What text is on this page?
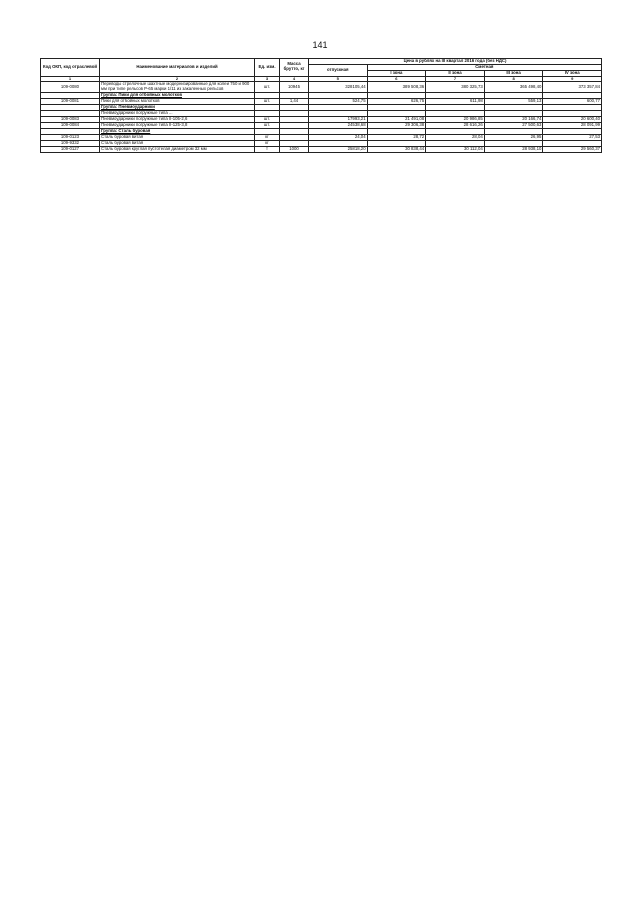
141
Код ОКП, код отраслевой	Наименование материалов и изделий	Ед. изм.	Масса брутто, кг	Цена в рублях на III квартал 2016 года (без НДС)				
				отпускная	Сметная			
					I зона	II зона	III зона	IV зона
1	2	3	4	5	6	7	8	9
109-0080	Переводы стрелочные шахтные модернизированные для колеи 750 и 900 мм при типе рельсов Р-65 марки 1/11 из закаленных рельсов	шт.	10945	328105,44	389 508,36	380 325,73	365 498,40	373 357,84
	Группа: Пики для отбойных молотков							
109-0081	Пики для отбойных молотков	шт.	1,44	524,75	626,75	611,98	559,13	600,77
	Группа: Пневмоударники							
	Пневмоударники погружные типа ...							
109-0083	Пневмоударники погружные типа II-105-2,6	шт.		17993,21	21 491,08	20 986,85	20 166,74	20 600,40
109-0084	Пневмоударники погружные типа II-125-3,8	шт.		24538,68	29 306,38	28 616,26	27 500,63	28 091,99
	Группа: Сталь буровая							
109-0123	Сталь буровая витая	кг		24,04	28,72	28,04	26,95	27,53
109-9332	Сталь буровая витая	кг						
109-0127	Сталь буровая круглая пустотелая диаметром 32 мм	т	1000	25818,20	30 838,44	30 112,04	28 938,10	29 560,37
